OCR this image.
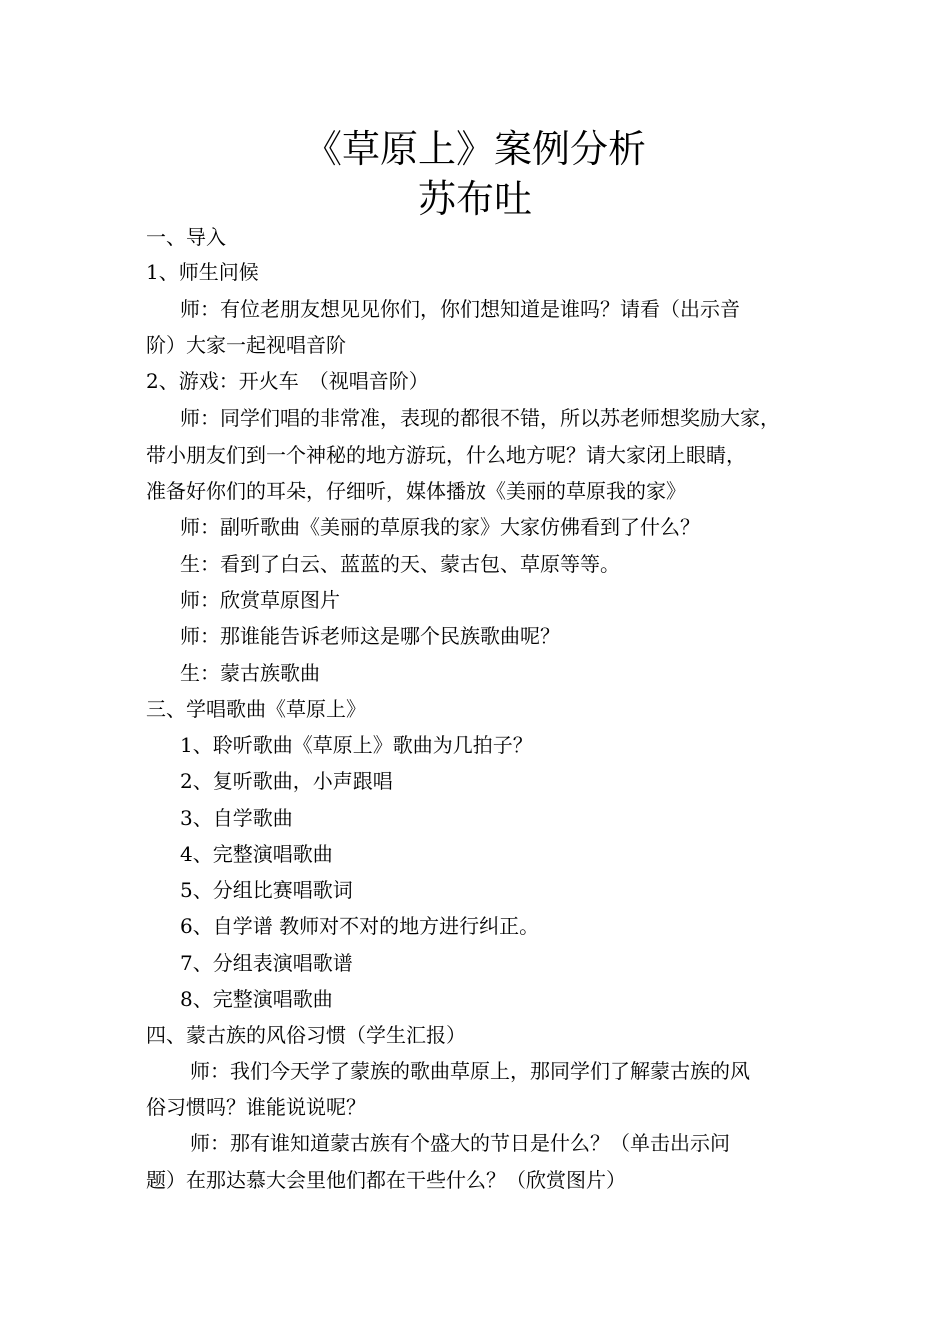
《草原上》案例分析
苏布吐
一、导入
1、师生问候
师：有位老朋友想见见你们，你们想知道是谁吗？请看（出示音
阶）大家一起视唱音阶
2、游戏：开火车　（视唱音阶）
师：同学们唱的非常准，表现的都很不错，所以苏老师想奖励大家，
带小朋友们到一个神秘的地方游玩，什么地方呢？请大家闭上眼睛，
准备好你们的耳朵，仔细听，媒体播放《美丽的草原我的家》
师：副听歌曲《美丽的草原我的家》大家仿佛看到了什么？
生：看到了白云、蓝蓝的天、蒙古包、草原等等。
师：欣赏草原图片
师：那谁能告诉老师这是哪个民族歌曲呢？
生：蒙古族歌曲
三、学唱歌曲《草原上》
1、聆听歌曲《草原上》歌曲为几拍子？
2、复听歌曲，小声跟唱
3、自学歌曲
4、完整演唱歌曲
5、分组比赛唱歌词
6、自学谱 教师对不对的地方进行纠正。
7、分组表演唱歌谱
8、完整演唱歌曲
四、蒙古族的风俗习惯（学生汇报）
师：我们今天学了蒙族的歌曲草原上，那同学们了解蒙古族的风
俗习惯吗？谁能说说呢？
师：那有谁知道蒙古族有个盛大的节日是什么？（单击出示问
题）在那达慕大会里他们都在干些什么？（欣赏图片）
